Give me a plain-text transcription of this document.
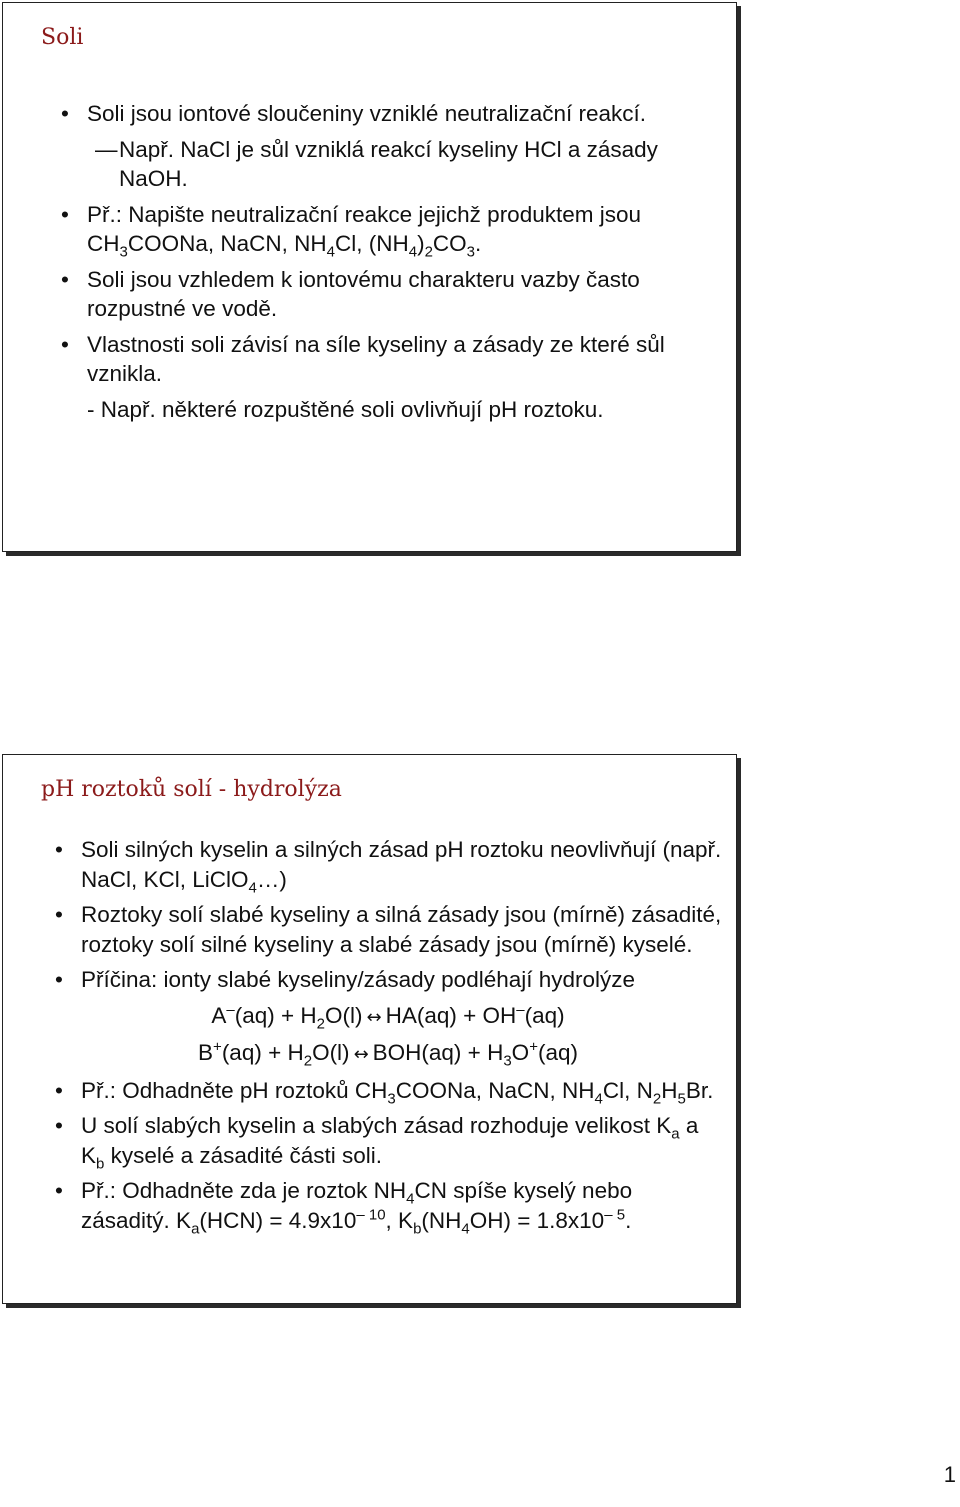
Soli
• Soli jsou iontové sloučeniny vzniklé neutralizační reakcí.
— Např. NaCl je sůl vzniklá reakcí kyseliny HCl a zásady NaOH.
• Př.: Napište neutralizační reakce jejichž produktem jsou $CH_3COONa$, NaCN, $NH_4Cl$, $(NH_4)_2CO_3$.
• Soli jsou vzhledem k iontovému charakteru vazby často rozpustné ve vodě.
• Vlastnosti soli závisí na síle kyseliny a zásady ze které sůl vznikla.
- Např. některé rozpuštěné soli ovlivňují pH roztoku.
pH roztoků solí - hydrolýza
• Soli silných kyselin a silných zásad pH roztoku neovlivňují (např. NaCl, KCl, LiClO$_4$…)
• Roztoky solí slabé kyseliny a silná zásady jsou (mírně) zásadité, roztoky solí silné kyseliny a slabé zásady jsou (mírně) kyselé.
• Příčina: ionty slabé kyseliny/zásady podléhají hydrolýze
$A^-(aq) + H_2O(l)$ ↔ HA(aq) + OH–(aq)
$B^+(aq) + H_2O(l)$ ↔ $BOH(aq) + H_3O^+(aq)$
• Př.: Odhadněte pH roztoků $CH_3COONa$, NaCN, $NH_4Cl$, $N_2H_5Br$.
• U solí slabých kyselin a slabých zásad rozhoduje velikost $K_a$ a $K_b$ kyselé a zásadité části soli.
• Př.: Odhadněte zda je roztok $NH_4CN$ spíše kyselý nebo zásaditý. $K_a(HCN) = 4.9x10^{- 10}$, $K_b(NH_4OH) = 1.8x10^{- 5}$.
1
